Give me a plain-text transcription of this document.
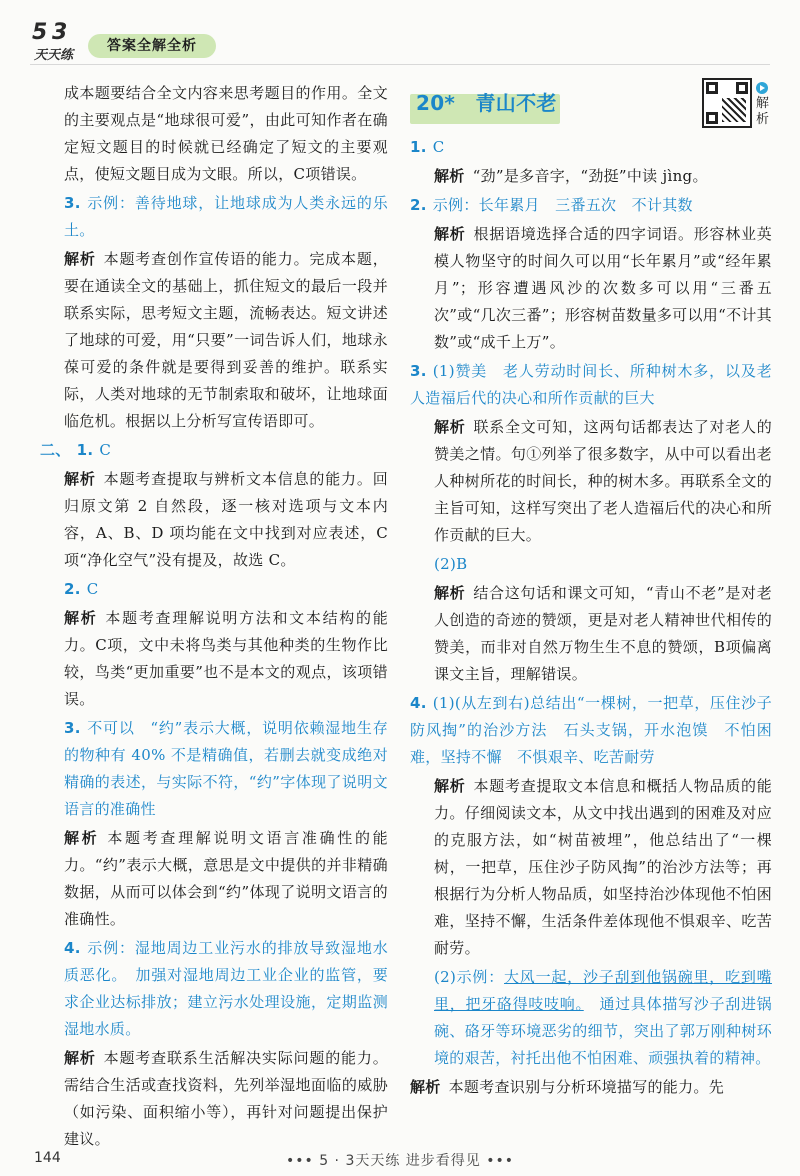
5 3
天天练
答案全解全析

成本题要结合全文内容来思考题目的作用。全文的主要观点是“地球很可爱”，由此可知作者在确定短文题目的时候就已经确定了短文的主要观点，使短文题目成为文眼。所以，C项错误。

3. 示例：善待地球，让地球成为人类永远的乐土。

解析 本题考查创作宣传语的能力。完成本题，要在通读全文的基础上，抓住短文的最后一段并联系实际，思考短文主题，流畅表达。短文讲述了地球的可爱，用“只要”一词告诉人们，地球永葆可爱的条件就是要得到妥善的维护。联系实际，人类对地球的无节制索取和破坏，让地球面临危机。根据以上分析写宣传语即可。

二、 1. C

解析 本题考查提取与辨析文本信息的能力。回归原文第 2 自然段，逐一核对选项与文本内容，A、B、D 项均能在文中找到对应表述，C项“净化空气”没有提及，故选 C。

2. C

解析 本题考查理解说明方法和文本结构的能力。C项，文中未将鸟类与其他种类的生物作比较，鸟类“更加重要”也不是本文的观点，该项错误。

3. 不可以　“约”表示大概，说明依赖湿地生存的物种有 40% 不是精确值，若删去就变成绝对精确的表述，与实际不符，“约”字体现了说明文语言的准确性

解析 本题考查理解说明文语言准确性的能力。“约”表示大概，意思是文中提供的并非精确数据，从而可以体会到“约”体现了说明文语言的准确性。

4. 示例：湿地周边工业污水的排放导致湿地水质恶化。　加强对湿地周边工业企业的监管，要求企业达标排放；建立污水处理设施，定期监测湿地水质。

解析 本题考查联系生活解决实际问题的能力。需结合生活或查找资料，先列举湿地面临的威胁（如污染、面积缩小等），再针对问题提出保护建议。

20*　青山不老	解析

1. C

解析 “劲”是多音字，“劲挺”中读 jìng。

2. 示例：长年累月　三番五次　不计其数

解析 根据语境选择合适的四字词语。形容林业英模人物坚守的时间久可以用“长年累月”或“经年累月”；形容遭遇风沙的次数多可以用“三番五次”或“几次三番”；形容树苗数量多可以用“不计其数”或“成千上万”。

3. (1)赞美　老人劳动时间长、所种树木多，以及老人造福后代的决心和所作贡献的巨大

解析 联系全文可知，这两句话都表达了对老人的赞美之情。句①列举了很多数字，从中可以看出老人种树所花的时间长，种的树木多。再联系全文的主旨可知，这样写突出了老人造福后代的决心和所作贡献的巨大。

(2)B

解析 结合这句话和课文可知，“青山不老”是对老人创造的奇迹的赞颂，更是对老人精神世代相传的赞美，而非对自然万物生生不息的赞颂，B项偏离课文主旨，理解错误。

4. (1)(从左到右)总结出“一棵树，一把草，压住沙子防风掏”的治沙方法　石头支锅，开水泡馍　不怕困难，坚持不懈　不惧艰辛、吃苦耐劳

解析 本题考查提取文本信息和概括人物品质的能力。仔细阅读文本，从文中找出遇到的困难及对应的克服方法，如“树苗被埋”，他总结出了“一棵树，一把草，压住沙子防风掏”的治沙方法等；再根据行为分析人物品质，如坚持治沙体现他不怕困难，坚持不懈，生活条件差体现他不惧艰辛、吃苦耐劳。

(2)示例：大风一起，沙子刮到他锅碗里，吃到嘴里，把牙硌得吱吱响。　通过具体描写沙子刮进锅碗、硌牙等环境恶劣的细节，突出了郭万刚种树环境的艰苦，衬托出他不怕困难、顽强执着的精神。

解析 本题考查识别与分析环境描写的能力。先

144	••• 5 · 3天天练 进步看得见 •••
